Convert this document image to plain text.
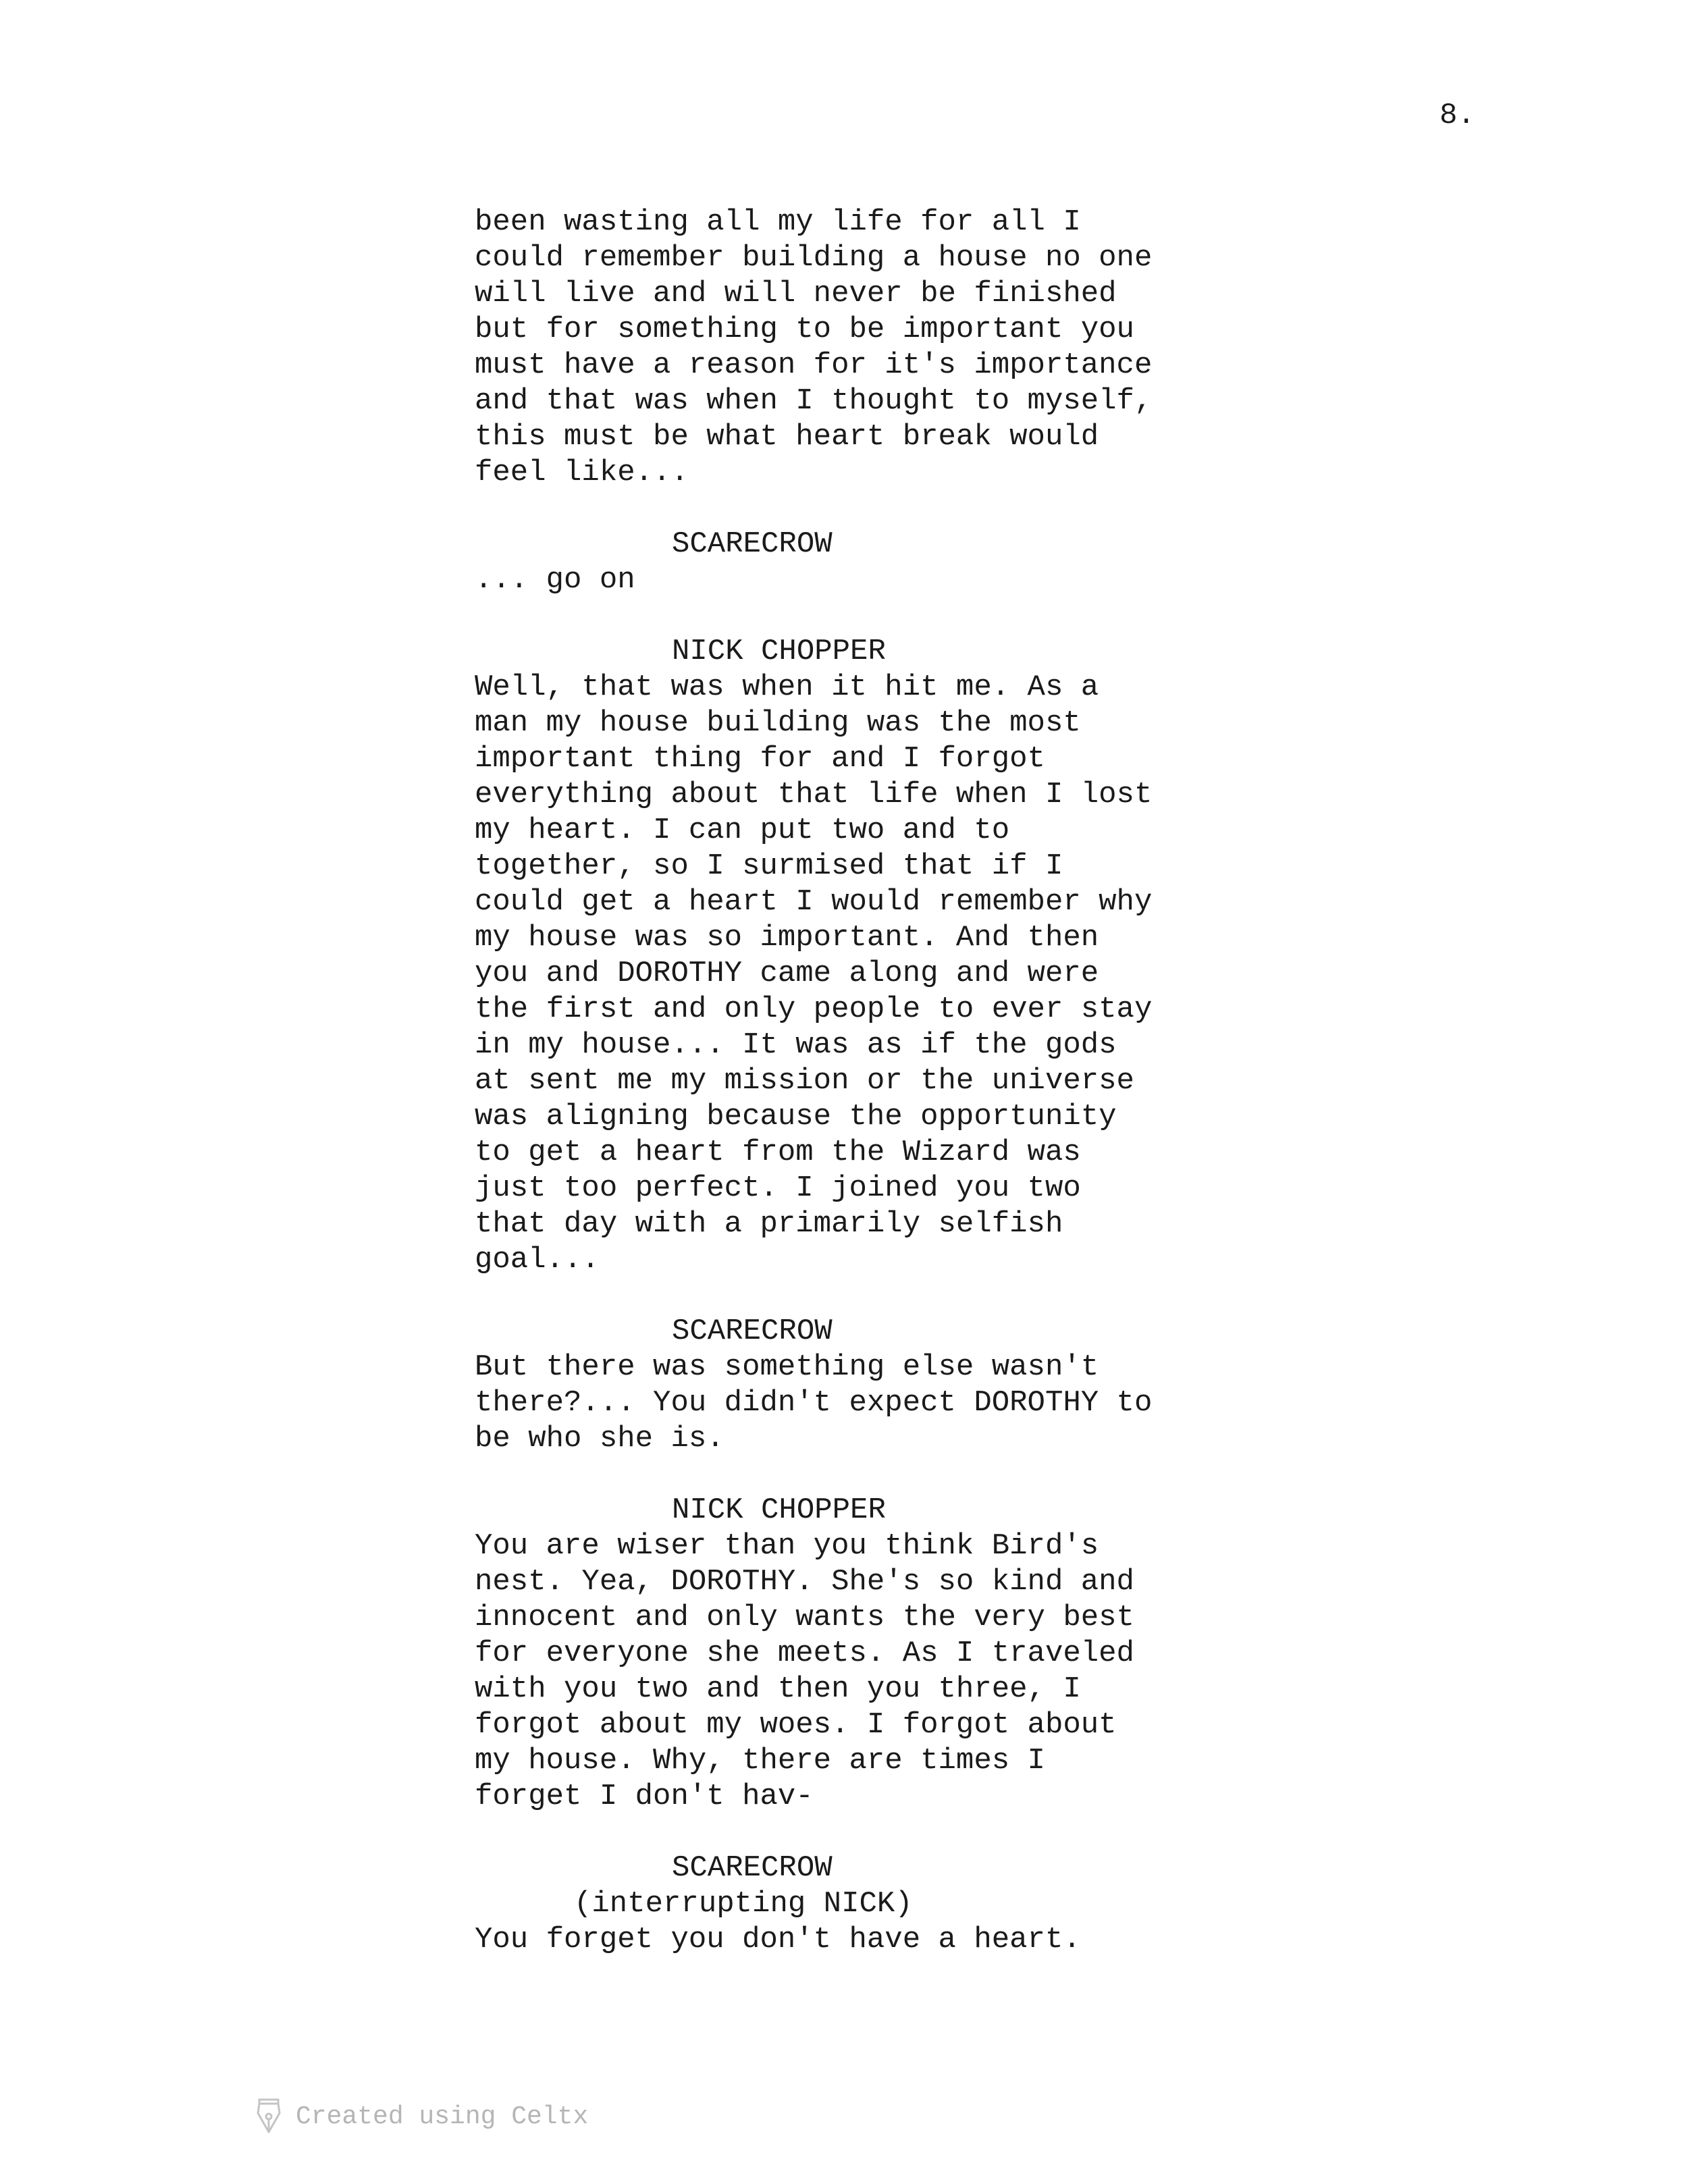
8.

been wasting all my life for all I

could remember building a house no one

will live and will never be finished

but for something to be important you

must have a reason for it's importance

and that was when I thought to myself,

this must be what heart break would

feel like...

SCARECROW

... go on

NICK CHOPPER

Well, that was when it hit me. As a

man my house building was the most

important thing for and I forgot

everything about that life when I lost

my heart. I can put two and to

together, so I surmised that if I

could get a heart I would remember why

my house was so important. And then

you and DOROTHY came along and were

the first and only people to ever stay

in my house... It was as if the gods

at sent me my mission or the universe

was aligning because the opportunity

to get a heart from the Wizard was

just too perfect. I joined you two

that day with a primarily selfish

goal...

SCARECROW

But there was something else wasn't

there?... You didn't expect DOROTHY to

be who she is.

NICK CHOPPER

You are wiser than you think Bird's

nest. Yea, DOROTHY. She's so kind and

innocent and only wants the very best

for everyone she meets. As I traveled

with you two and then you three, I

forgot about my woes. I forgot about

my house. Why, there are times I

forget I don't hav-

SCARECROW

(interrupting NICK)

You forget you don't have a heart.

Created using Celtx
